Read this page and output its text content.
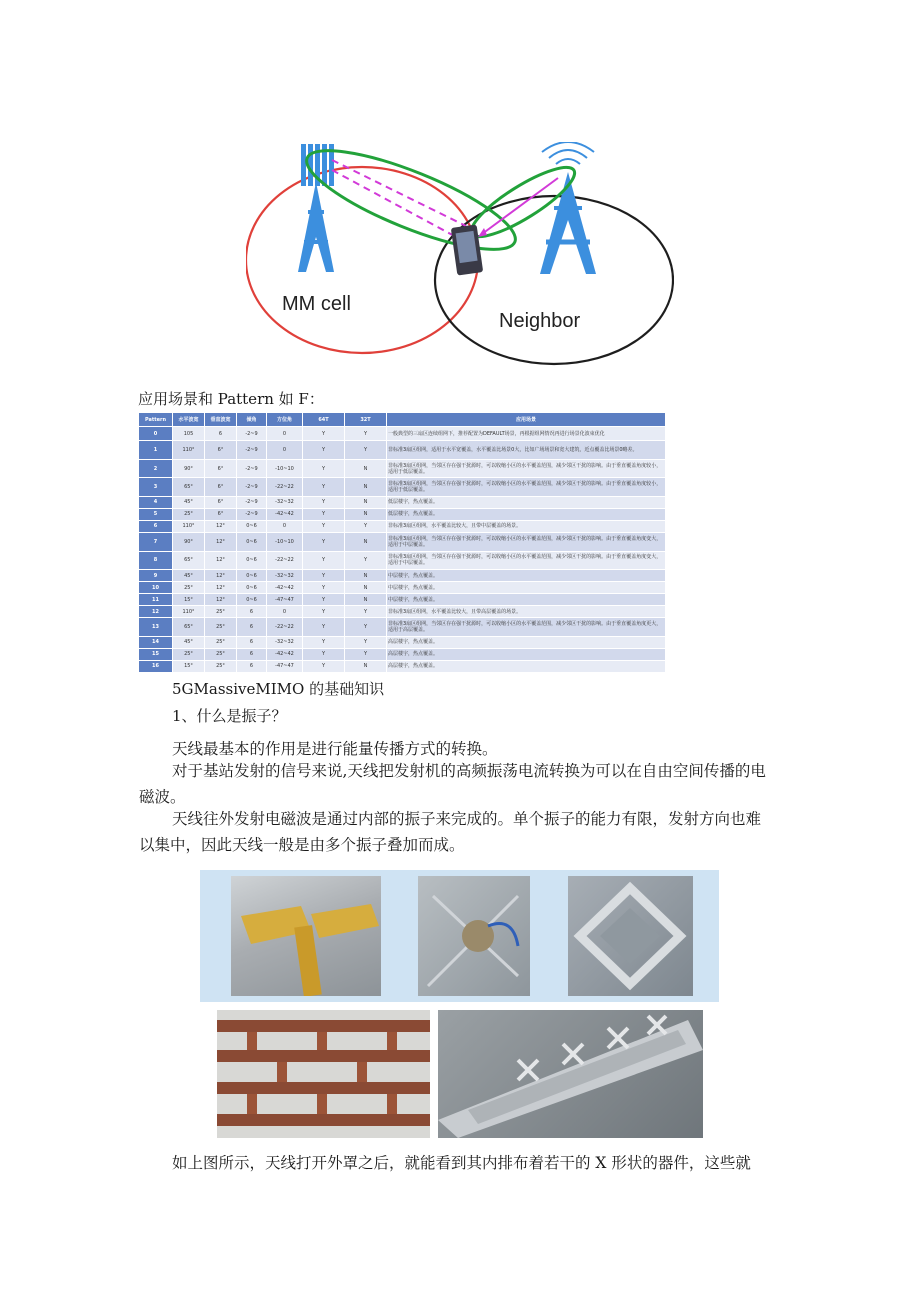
MM cell
Neighbor
应用场景和 Pattern 如 F：
Pattern	水平波宽	垂直波宽	倾角	方位角	64T	32T	应用场景
0	105	6	-2~9	0	Y	Y	一般典型的三扇区连续组网下，推荐配置为DEFAULT场景，再根据组网情况再进行场景化波束优化
1	110°	6°	-2~9	0	Y	Y	非标准3扇区组网，适用于水平宽覆盖，水平覆盖比场景0大，比如广场场景和宽大建筑，近点覆盖比场景0略差。
2	90°	6°	-2~9	-10~10	Y	N	非标准3扇区组网，当邻区存在强干扰源时，可以收缩小区的水平覆盖范围，减少邻区干扰的影响。由于垂直覆盖角度较小，适用于低层覆盖。
3	65°	6°	-2~9	-22~22	Y	N	非标准3扇区组网，当邻区存在强干扰源时，可以收缩小区的水平覆盖范围，减少邻区干扰的影响。由于垂直覆盖角度较小，适用于低层覆盖。
4	45°	6°	-2~9	-32~32	Y	N	低层楼宇，热点覆盖。
5	25°	6°	-2~9	-42~42	Y	N	低层楼宇，热点覆盖。
6	110°	12°	0~6	0	Y	Y	非标准3扇区组网，水平覆盖比较大，且带中层覆盖的场景。
7	90°	12°	0~6	-10~10	Y	N	非标准3扇区组网，当邻区存在强干扰源时，可以收缩小区的水平覆盖范围，减少邻区干扰的影响。由于垂直覆盖角度变大，适用于中层覆盖。
8	65°	12°	0~6	-22~22	Y	Y	非标准3扇区组网，当邻区存在强干扰源时，可以收缩小区的水平覆盖范围，减少邻区干扰的影响。由于垂直覆盖角度变大，适用于中层覆盖。
9	45°	12°	0~6	-32~32	Y	N	中层楼宇，热点覆盖。
10	25°	12°	0~6	-42~42	Y	N	中层楼宇，热点覆盖。
11	15°	12°	0~6	-47~47	Y	N	中层楼宇，热点覆盖。
12	110°	25°	6	0	Y	Y	非标准3扇区组网，水平覆盖比较大，且带高层覆盖的场景。
13	65°	25°	6	-22~22	Y	Y	非标准3扇区组网，当邻区存在强干扰源时，可以收缩小区的水平覆盖范围，减少邻区干扰的影响。由于垂直覆盖角度更大，适用于高层覆盖。
14	45°	25°	6	-32~32	Y	Y	高层楼宇，热点覆盖。
15	25°	25°	6	-42~42	Y	Y	高层楼宇，热点覆盖。
16	15°	25°	6	-47~47	Y	N	高层楼宇，热点覆盖。
5GMassiveMIMO 的基础知识
1、什么是振子？
天线最基本的作用是进行能量传播方式的转换。
对于基站发射的信号来说,天线把发射机的高频振荡电流转换为可以在自由空间传播的电磁波。
天线往外发射电磁波是通过内部的振子来完成的。单个振子的能力有限，发射方向也难以集中，因此天线一般是由多个振子叠加而成。
如上图所示，天线打开外罩之后，就能看到其内排布着若干的 X 形状的器件，这些就
